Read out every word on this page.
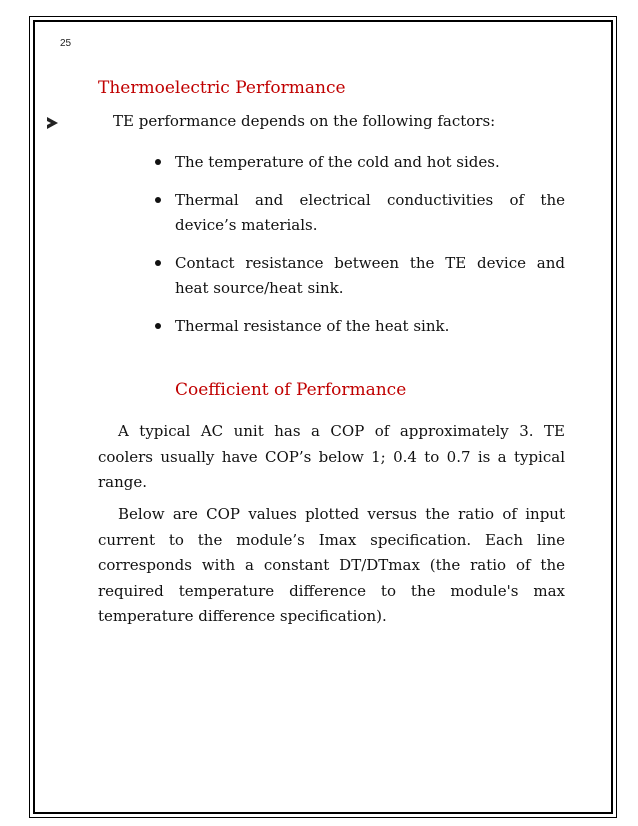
25
Thermoelectric Performance
TE performance depends on the following factors:
The temperature of the cold and hot sides.
Thermal and electrical conductivities of the device’s materials.
Contact resistance between the TE device and heat source/heat sink.
Thermal resistance of the heat sink.
Coefficient of Performance

A typical AC unit has a COP of approximately 3. TE coolers usually have COP’s below 1; 0.4 to 0.7 is a typical range.

Below are COP values plotted versus the ratio of input current to the module’s Imax specification. Each line corresponds with a constant DT/DTmax (the ratio of the required temperature difference to the module's max temperature difference specification).
